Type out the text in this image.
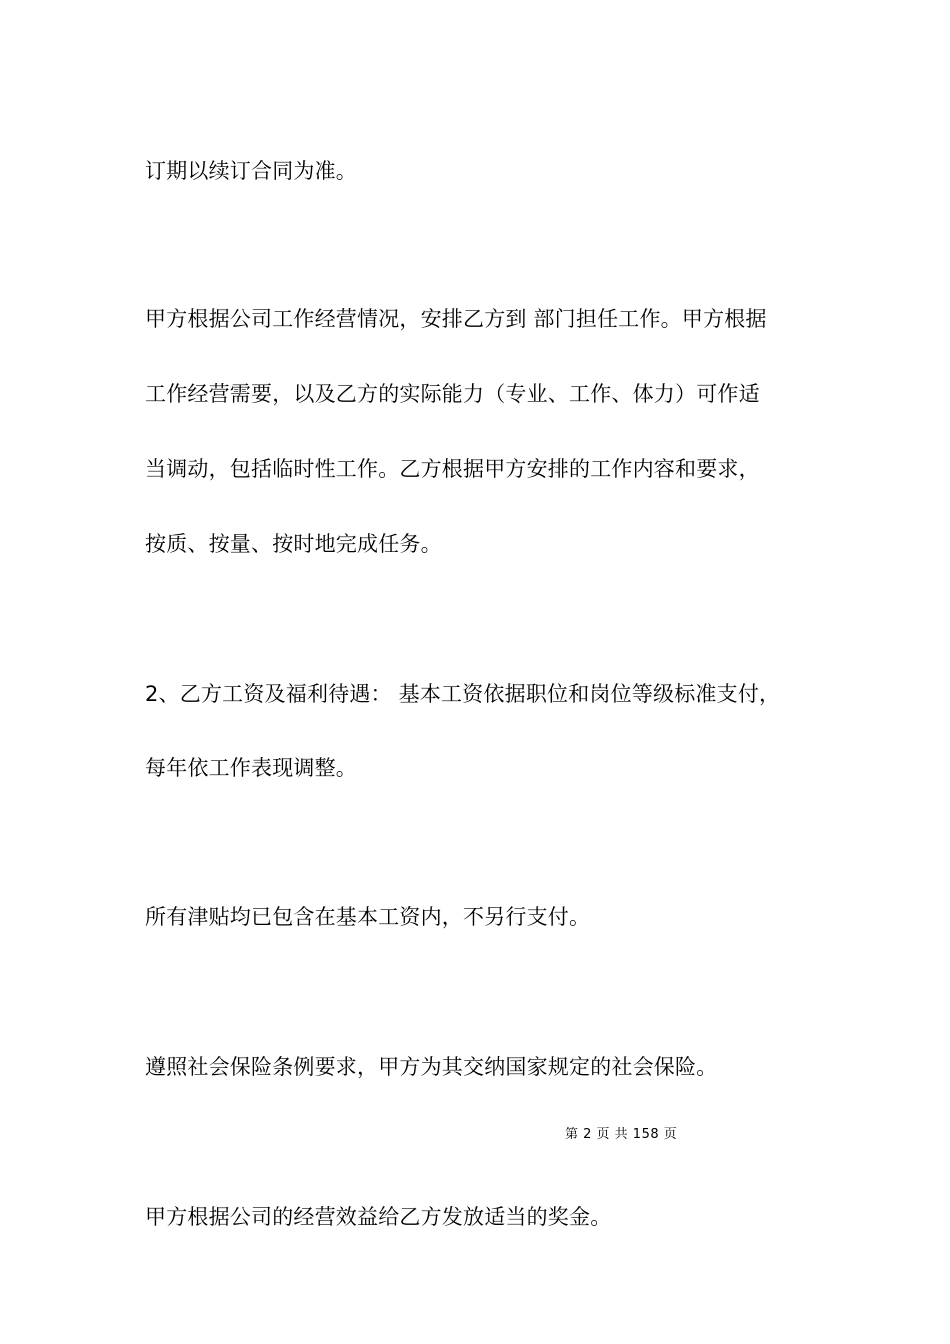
订期以续订合同为准。

甲方根据公司工作经营情况，安排乙方到 部门担任工作。甲方根据

工作经营需要，以及乙方的实际能力（专业、工作、体力）可作适

当调动，包括临时性工作。乙方根据甲方安排的工作内容和要求，

按质、按量、按时地完成任务。

2、乙方工资及福利待遇： 基本工资依据职位和岗位等级标准支付，

每年依工作表现调整。

所有津贴均已包含在基本工资内，不另行支付。

遵照社会保险条例要求，甲方为其交纳国家规定的社会保险。

第 2 页 共 158 页

甲方根据公司的经营效益给乙方发放适当的奖金。
